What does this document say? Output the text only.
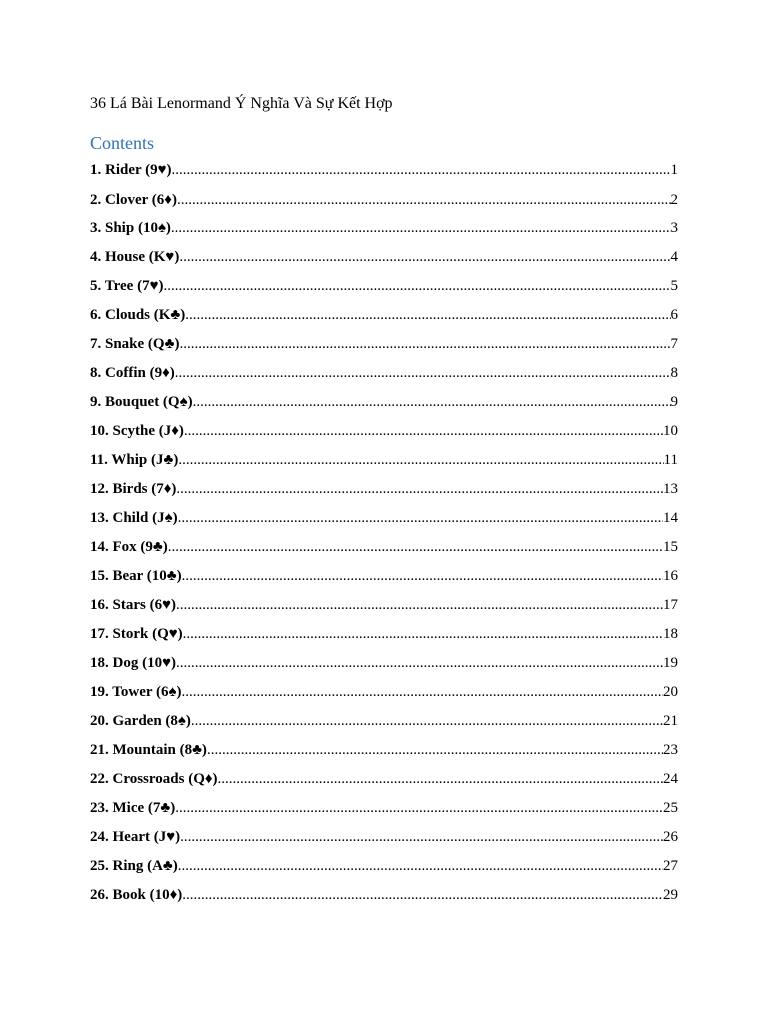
36 Lá Bài Lenormand Ý Nghĩa Và Sự Kết Hợp
Contents
1. Rider (9♥) .....	1
2. Clover (6♦) .....	2
3. Ship (10♠) .....	3
4. House (K♥) .....	4
5. Tree (7♥) .....	5
6. Clouds (K♣) .....	6
7. Snake (Q♣) .....	7
8. Coffin (9♦) .....	8
9. Bouquet (Q♠) .....	9
10. Scythe (J♦) .....	10
11. Whip (J♣) .....	11
12. Birds (7♦) .....	13
13. Child (J♠) .....	14
14. Fox (9♣) .....	15
15. Bear (10♣) .....	16
16. Stars (6♥) .....	17
17. Stork (Q♥) .....	18
18. Dog (10♥) .....	19
19. Tower (6♠) .....	20
20. Garden (8♠) .....	21
21. Mountain (8♣) .....	23
22. Crossroads (Q♦) .....	24
23. Mice (7♣) .....	25
24. Heart (J♥) .....	26
25. Ring (A♣) .....	27
26. Book (10♦) .....	29
